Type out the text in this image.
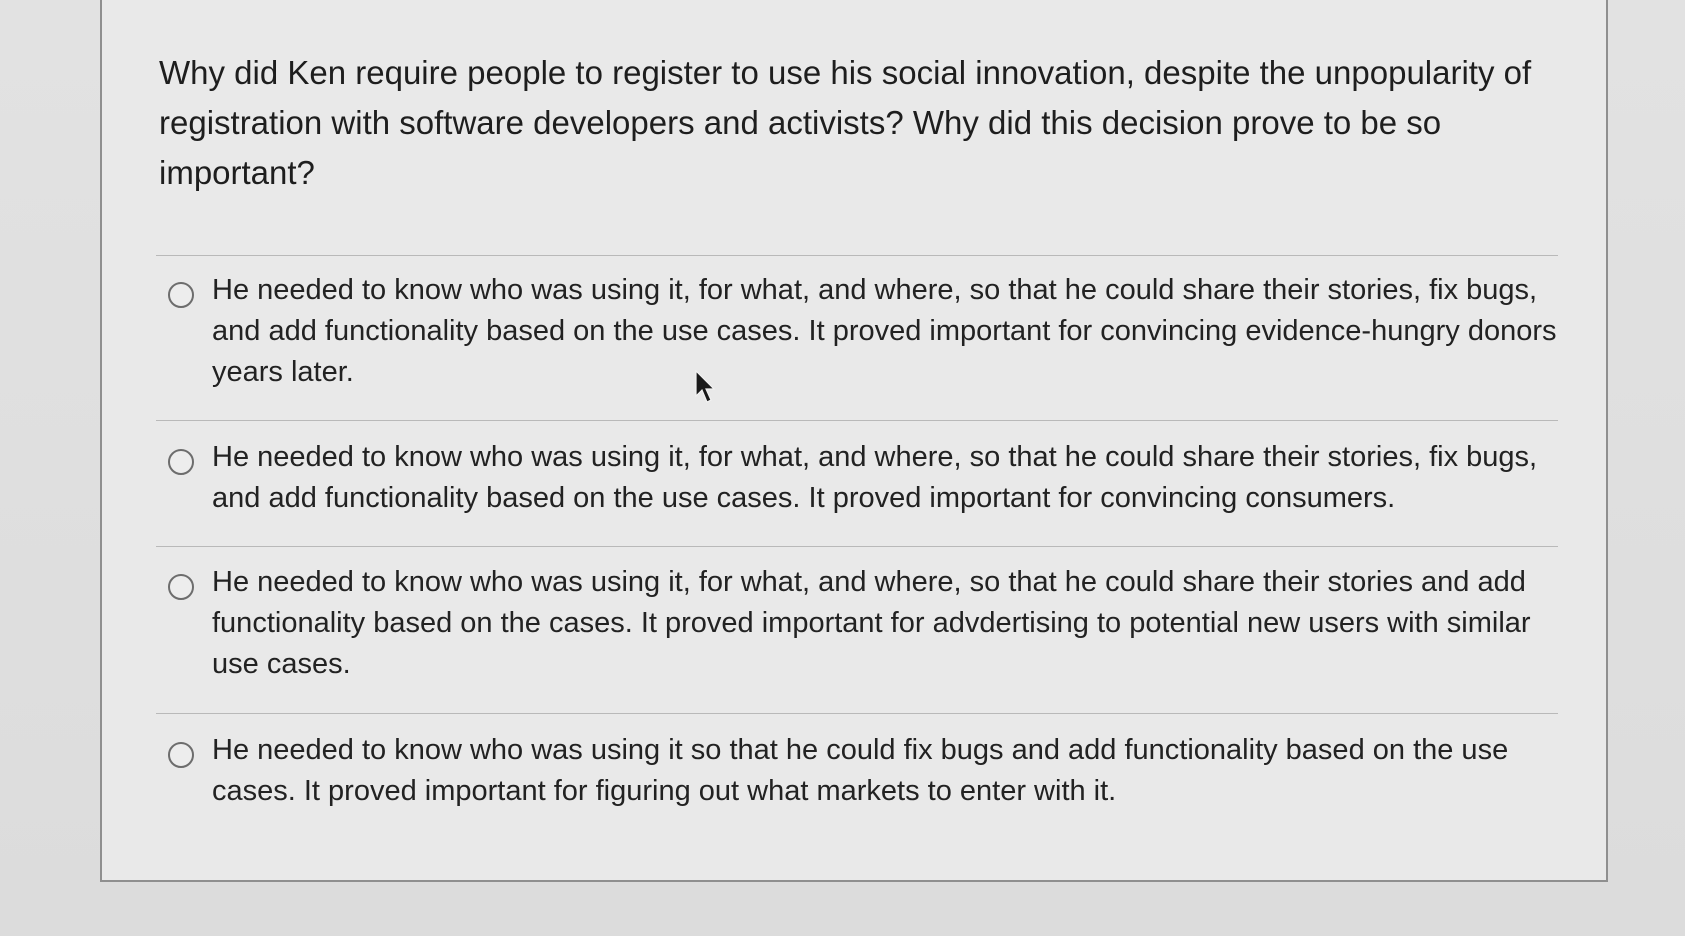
Why did Ken require people to register to use his social innovation, despite the unpopularity of registration with software developers and activists? Why did this decision prove to be so important?

He needed to know who was using it, for what, and where, so that he could share their stories, fix bugs, and add functionality based on the use cases. It proved important for convincing evidence-hungry donors years later.
He needed to know who was using it, for what, and where, so that he could share their stories, fix bugs, and add functionality based on the use cases. It proved important for convincing consumers.
He needed to know who was using it, for what, and where, so that he could share their stories and add functionality based on the cases. It proved important for advdertising to potential new users with similar use cases.
He needed to know who was using it so that he could fix bugs and add functionality based on the use cases. It proved important for figuring out what markets to enter with it.
